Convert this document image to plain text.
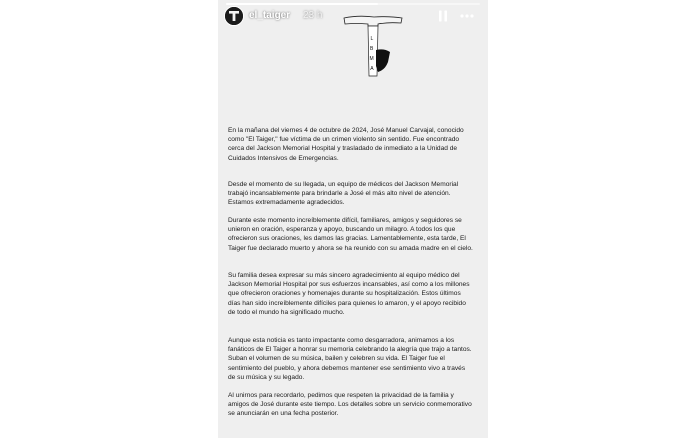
el_taiger 23 h
L
B
M
A

En la mañana del viernes 4 de octubre de 2024, José Manuel Carvajal, conocido como "El Taiger," fue víctima de un crimen violento sin sentido. Fue encontrado cerca del Jackson Memorial Hospital y trasladado de inmediato a la Unidad de Cuidados Intensivos de Emergencias.

Desde el momento de su llegada, un equipo de médicos del Jackson Memorial trabajó incansablemente para brindarle a José el más alto nivel de atención. Estamos extremadamente agradecidos.

Durante este momento increíblemente difícil, familiares, amigos y seguidores se unieron en oración, esperanza y apoyo, buscando un milagro. A todos los que ofrecieron sus oraciones, les damos las gracias. Lamentablemente, esta tarde, El Taiger fue declarado muerto y ahora se ha reunido con su amada madre en el cielo.

Su familia desea expresar su más sincero agradecimiento al equipo médico del Jackson Memorial Hospital por sus esfuerzos incansables, así como a los millones que ofrecieron oraciones y homenajes durante su hospitalización. Estos últimos días han sido increíblemente difíciles para quienes lo amaron, y el apoyo recibido de todo el mundo ha significado mucho.

Aunque esta noticia es tanto impactante como desgarradora, animamos a los fanáticos de El Taiger a honrar su memoria celebrando la alegría que trajo a tantos. Suban el volumen de su música, bailen y celebren su vida. El Taiger fue el sentimiento del pueblo, y ahora debemos mantener ese sentimiento vivo a través de su música y su legado.

Al unirnos para recordarlo, pedimos que respeten la privacidad de la familia y amigos de José durante este tiempo. Los detalles sobre un servicio conmemorativo se anunciarán en una fecha posterior.
